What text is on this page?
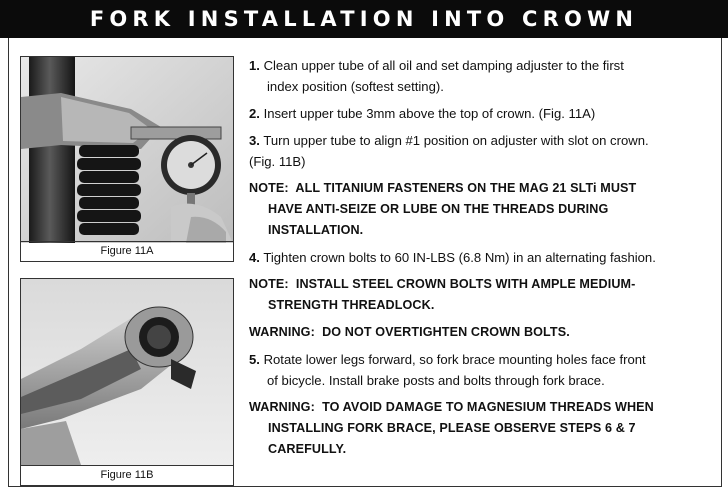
FORK INSTALLATION INTO CROWN
Figure 11A
Figure 11B
1. Clean upper tube of all oil and set damping adjuster to the first
index position (softest setting).
2. Insert upper tube 3mm above the top of crown. (Fig. 11A)
3. Turn upper tube to align #1 position on adjuster with slot on crown.
(Fig. 11B)
NOTE: ALL TITANIUM FASTENERS ON THE MAG 21 SLTi MUST
HAVE ANTI-SEIZE OR LUBE ON THE THREADS DURING
INSTALLATION.
4. Tighten crown bolts to 60 IN-LBS (6.8 Nm) in an alternating fashion.
NOTE: INSTALL STEEL CROWN BOLTS WITH AMPLE MEDIUM-
STRENGTH THREADLOCK.
WARNING: DO NOT OVERTIGHTEN CROWN BOLTS.
5. Rotate lower legs forward, so fork brace mounting holes face front
of bicycle. Install brake posts and bolts through fork brace.
WARNING: TO AVOID DAMAGE TO MAGNESIUM THREADS WHEN
INSTALLING FORK BRACE, PLEASE OBSERVE STEPS 6 & 7
CAREFULLY.
